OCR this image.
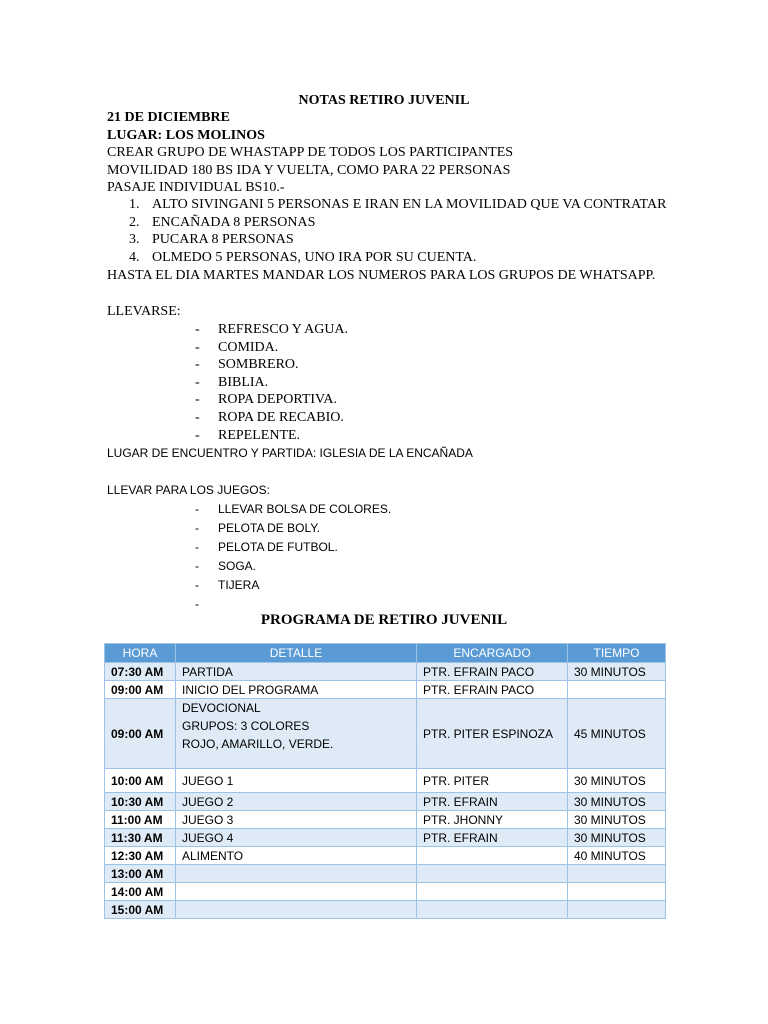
NOTAS RETIRO JUVENIL
21 DE DICIEMBRE
LUGAR: LOS MOLINOS
CREAR GRUPO DE WHASTAPP DE TODOS LOS PARTICIPANTES
MOVILIDAD 180 BS IDA Y VUELTA, COMO PARA 22 PERSONAS
PASAJE INDIVIDUAL BS10.-
1. ALTO SIVINGANI 5 PERSONAS E IRAN EN LA MOVILIDAD QUE VA CONTRATAR
2. ENCAÑADA 8 PERSONAS
3. PUCARA 8 PERSONAS
4. OLMEDO 5 PERSONAS, UNO IRA POR SU CUENTA.
HASTA EL DIA MARTES MANDAR LOS NUMEROS PARA LOS GRUPOS DE WHATSAPP.
LLEVARSE:
- REFRESCO Y AGUA.
- COMIDA.
- SOMBRERO.
- BIBLIA.
- ROPA DEPORTIVA.
- ROPA DE RECABIO.
- REPELENTE.
LUGAR DE ENCUENTRO Y PARTIDA: IGLESIA DE LA ENCAÑADA
LLEVAR PARA LOS JUEGOS:
- LLEVAR BOLSA DE COLORES.
- PELOTA DE BOLY.
- PELOTA DE FUTBOL.
- SOGA.
- TIJERA
-
PROGRAMA DE RETIRO JUVENIL
HORA	DETALLE	ENCARGADO	TIEMPO
07:30 AM	PARTIDA	PTR. EFRAIN PACO	30 MINUTOS
09:00 AM	INICIO DEL PROGRAMA	PTR. EFRAIN PACO	
09:00 AM	DEVOCIONAL
GRUPOS: 3 COLORES
ROJO, AMARILLO, VERDE.	PTR. PITER ESPINOZA	45 MINUTOS
10:00 AM	JUEGO 1	PTR. PITER	30 MINUTOS
10:30 AM	JUEGO 2	PTR. EFRAIN	30 MINUTOS
11:00 AM	JUEGO 3	PTR. JHONNY	30 MINUTOS
11:30 AM	JUEGO 4	PTR. EFRAIN	30 MINUTOS
12:30 AM	ALIMENTO		40 MINUTOS
13:00 AM			
14:00 AM			
15:00 AM			
